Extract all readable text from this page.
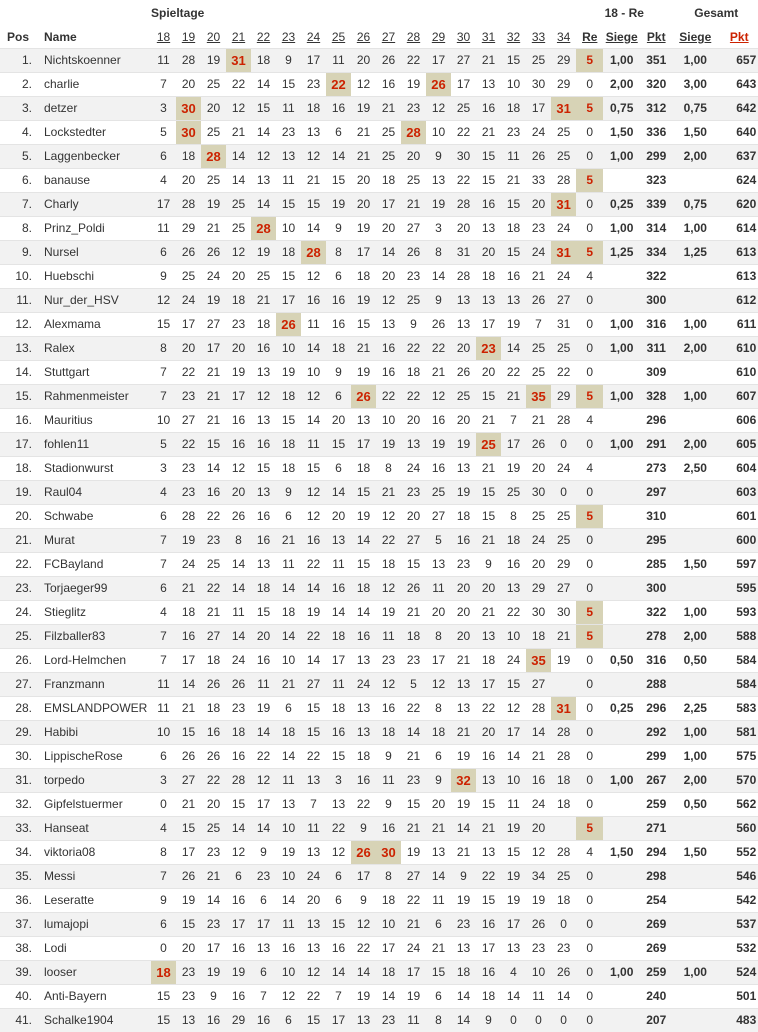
		Spieltage																	18 - Re			Gesamt	
Pos	Name	18	19	20	21	22	23	24	25	26	27	28	29	30	31	32	33	34	Re	Siege	Pkt	Siege	Pkt
1.	Nichtskoenner	11	28	19	31	18	9	17	11	20	26	22	17	27	21	15	25	29	5	1,00	351	1,00	657
2.	charlie	7	20	25	22	14	15	23	22	12	16	19	26	17	13	10	30	29	0	2,00	320	3,00	643
3.	detzer	3	30	20	12	15	11	18	16	19	21	23	12	25	16	18	17	31	5	0,75	312	0,75	642
4.	Lockstedter	5	30	25	21	14	23	13	6	21	25	28	10	22	21	23	24	25	0	1,50	336	1,50	640
5.	Laggenbecker	6	18	28	14	12	13	12	14	21	25	20	9	30	15	11	26	25	0	1,00	299	2,00	637
6.	banause	4	20	25	14	13	11	21	15	20	18	25	13	22	15	21	33	28	5		323		624
7.	Charly	17	28	19	25	14	15	15	19	20	17	21	19	28	16	15	20	31	0	0,25	339	0,75	620
8.	Prinz_Poldi	11	29	21	25	28	10	14	9	19	20	27	3	20	13	18	23	24	0	1,00	314	1,00	614
9.	Nursel	6	26	26	12	19	18	28	8	17	14	26	8	31	20	15	24	31	5	1,25	334	1,25	613
10.	Huebschi	9	25	24	20	25	15	12	6	18	20	23	14	28	18	16	21	24	4		322		613
11.	Nur_der_HSV	12	24	19	18	21	17	16	16	19	12	25	9	13	13	13	26	27	0		300		612
12.	Alexmama	15	17	27	23	18	26	11	16	15	13	9	26	13	17	19	7	31	0	1,00	316	1,00	611
13.	Ralex	8	20	17	20	16	10	14	18	21	16	22	22	20	23	14	25	25	0	1,00	311	2,00	610
14.	Stuttgart	7	22	21	19	13	19	10	9	19	16	18	21	26	20	22	25	22	0		309		610
15.	Rahmenmeister	7	23	21	17	12	18	12	6	26	22	22	12	25	15	21	35	29	5	1,00	328	1,00	607
16.	Mauritius	10	27	21	16	13	15	14	20	13	10	20	16	20	21	7	21	28	4		296		606
17.	fohlen11	5	22	15	16	16	18	11	15	17	19	13	19	19	25	17	26	0	0	1,00	291	2,00	605
18.	Stadionwurst	3	23	14	12	15	18	15	6	18	8	24	16	13	21	19	20	24	4		273	2,50	604
19.	Raul04	4	23	16	20	13	9	12	14	15	21	23	25	19	15	25	30	0	0		297		603
20.	Schwabe	6	28	22	26	16	6	12	20	19	12	20	27	18	15	8	25	25	5		310		601
21.	Murat	7	19	23	8	16	21	16	13	14	22	27	5	16	21	18	24	25	0		295		600
22.	FCBayland	7	24	25	14	13	11	22	11	15	18	15	13	23	9	16	20	29	0		285	1,50	597
23.	Torjaeger99	6	21	22	14	18	14	14	16	18	12	26	11	20	20	13	29	27	0		300		595
24.	Stieglitz	4	18	21	11	15	18	19	14	14	19	21	20	20	21	22	30	30	5		322	1,00	593
25.	Filzballer83	7	16	27	14	20	14	22	18	16	11	18	8	20	13	10	18	21	5		278	2,00	588
26.	Lord-Helmchen	7	17	18	24	16	10	14	17	13	23	23	17	21	18	24	35	19	0	0,50	316	0,50	584
27.	Franzmann	11	14	26	26	11	21	27	11	24	12	5	12	13	17	15	27		0		288		584
28.	EMSLANDPOWER	11	21	18	23	19	6	15	18	13	16	22	8	13	22	12	28	31	0	0,25	296	2,25	583
29.	Habibi	10	15	16	18	14	18	15	16	13	18	14	18	21	20	17	14	28	0		292	1,00	581
30.	LippischeRose	6	26	26	16	22	14	22	15	18	9	21	6	19	16	14	21	28	0		299	1,00	575
31.	torpedo	3	27	22	28	12	11	13	3	16	11	23	9	32	13	10	16	18	0	1,00	267	2,00	570
32.	Gipfelstuermer	0	21	20	15	17	13	7	13	22	9	15	20	19	15	11	24	18	0		259	0,50	562
33.	Hanseat	4	15	25	14	14	10	11	22	9	16	21	21	14	21	19	20		5		271		560
34.	viktoria08	8	17	23	12	9	19	13	12	26	30	19	13	21	13	15	12	28	4	1,50	294	1,50	552
35.	Messi	7	26	21	6	23	10	24	6	17	8	27	14	9	22	19	34	25	0		298		546
36.	Leseratte	9	19	14	16	6	14	20	6	9	18	22	11	19	15	19	19	18	0		254		542
37.	lumajopi	6	15	23	17	17	11	13	15	12	10	21	6	23	16	17	26	0	0		269		537
38.	Lodi	0	20	17	16	13	16	13	16	22	17	24	21	13	17	13	23	23	0		269		532
39.	looser	18	23	19	19	6	10	12	14	14	18	17	15	18	16	4	10	26	0	1,00	259	1,00	524
40.	Anti-Bayern	15	23	9	16	7	12	22	7	19	14	19	6	14	18	14	11	14	0		240		501
41.	Schalke1904	15	13	16	29	16	6	15	17	13	23	11	8	14	9	0	0	0	0		207		483
